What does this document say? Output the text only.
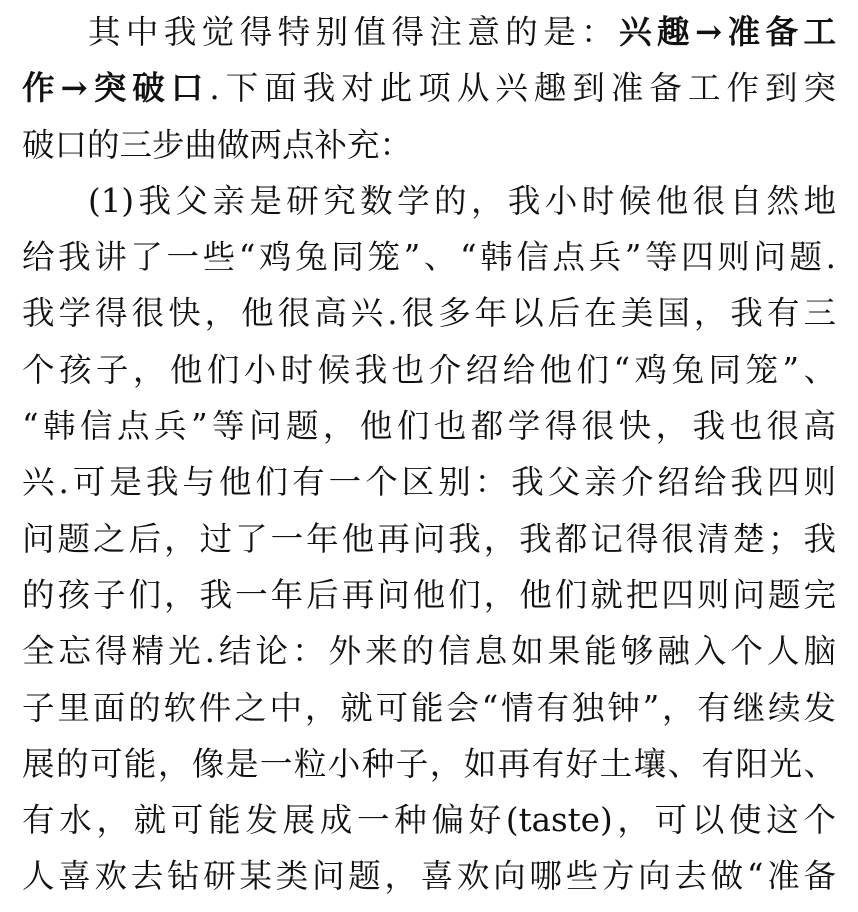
其中我觉得特别值得注意的是：兴趣→准备工
作→突破口.下面我对此项从兴趣到准备工作到突
破口的三步曲做两点补充：
(1)我父亲是研究数学的，我小时候他很自然地
给我讲了一些“鸡兔同笼”、“韩信点兵”等四则问题.
我学得很快，他很高兴.很多年以后在美国，我有三
个孩子，他们小时候我也介绍给他们“鸡兔同笼”、
“韩信点兵”等问题，他们也都学得很快，我也很高
兴.可是我与他们有一个区别：我父亲介绍给我四则
问题之后，过了一年他再问我，我都记得很清楚；我
的孩子们，我一年后再问他们，他们就把四则问题完
全忘得精光.结论：外来的信息如果能够融入个人脑
子里面的软件之中，就可能会“情有独钟”，有继续发
展的可能，像是一粒小种子，如再有好土壤、有阳光、
有水，就可能发展成一种偏好(taste)，可以使这个
人喜欢去钻研某类问题，喜欢向哪些方向去做“准备
